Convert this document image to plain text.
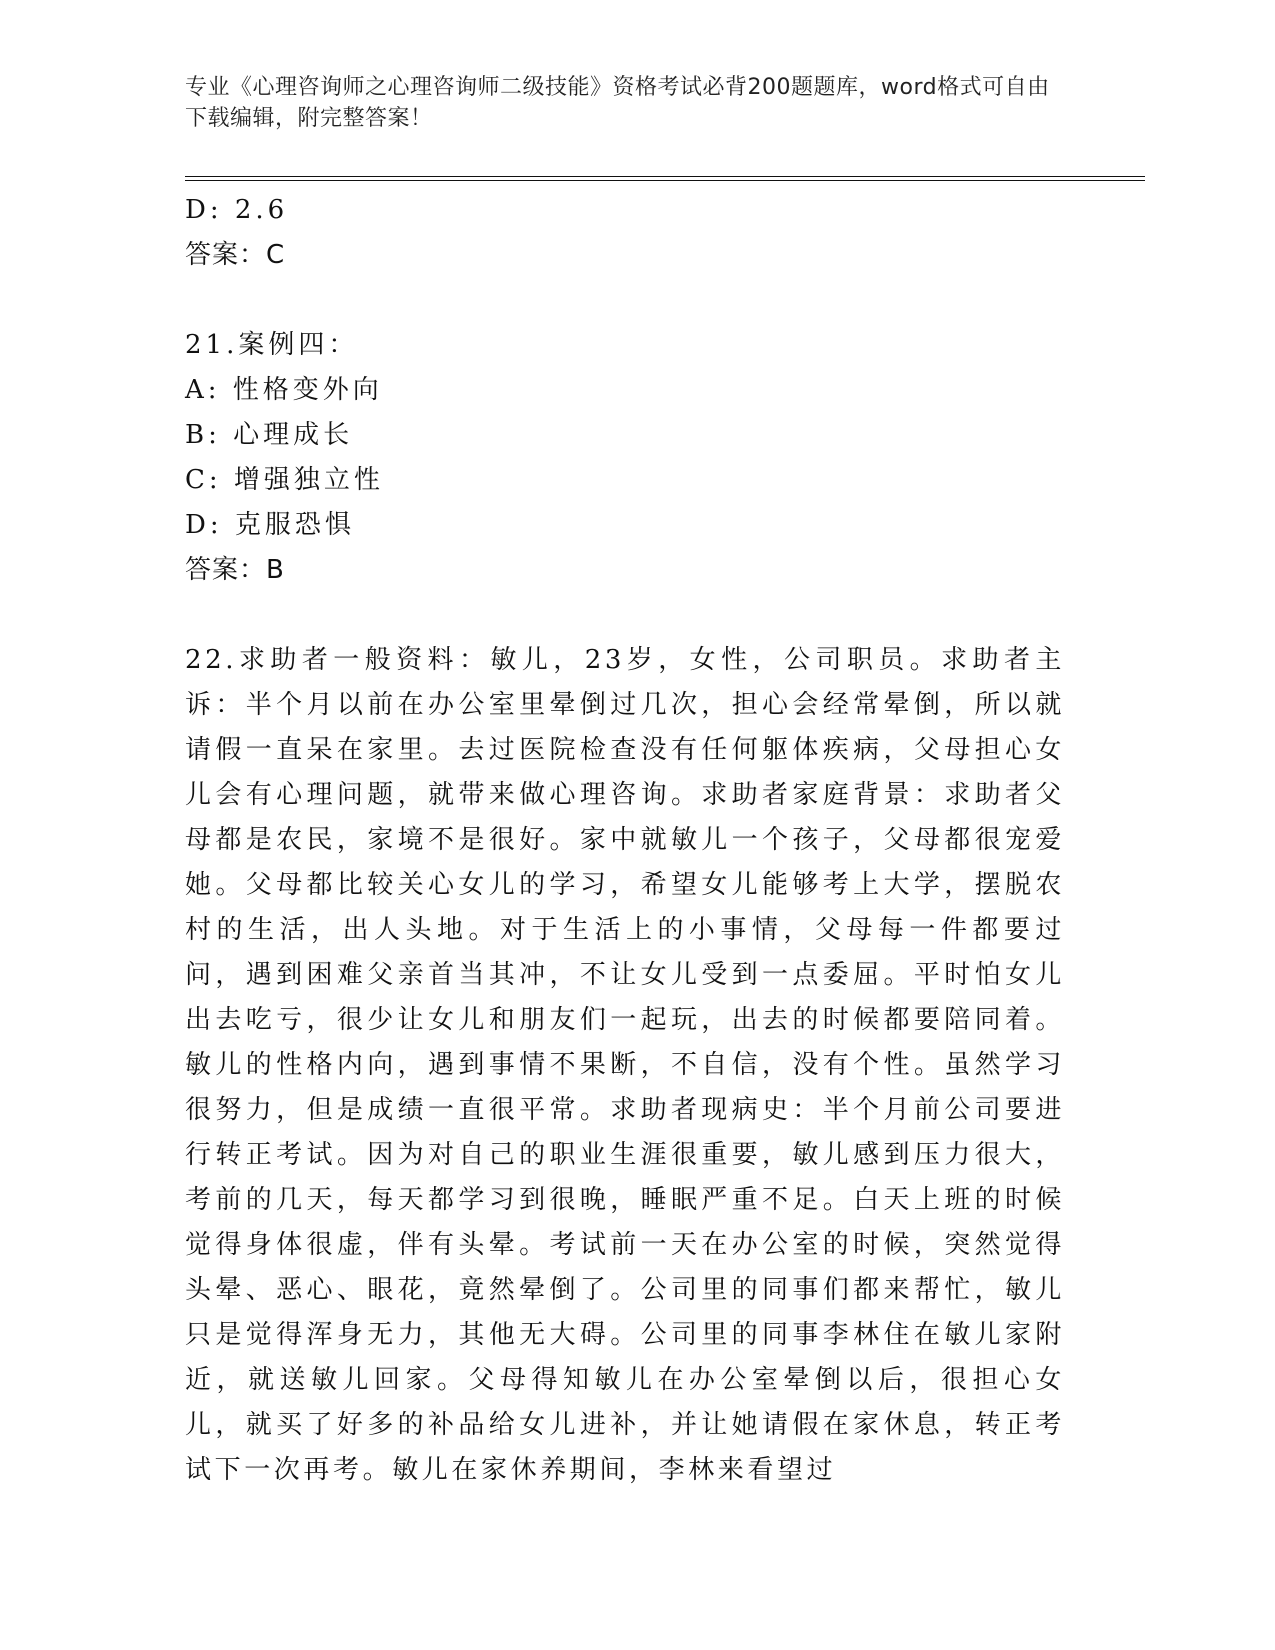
专业《心理咨询师之心理咨询师二级技能》资格考试必背200题题库，word格式可自由下载编辑，附完整答案！
D: 2.6
答案：C
21.案例四：
A: 性格变外向
B: 心理成长
C: 增强独立性
D: 克服恐惧
答案：B

22.求助者一般资料：敏儿，23岁，女性，公司职员。求助者主诉：半个月以前在办公室里晕倒过几次，担心会经常晕倒，所以就请假一直呆在家里。去过医院检查没有任何躯体疾病，父母担心女儿会有心理问题，就带来做心理咨询。求助者家庭背景：求助者父母都是农民，家境不是很好。家中就敏儿一个孩子，父母都很宠爱她。父母都比较关心女儿的学习，希望女儿能够考上大学，摆脱农村的生活，出人头地。对于生活上的小事情，父母每一件都要过问，遇到困难父亲首当其冲，不让女儿受到一点委屈。平时怕女儿出去吃亏，很少让女儿和朋友们一起玩，出去的时候都要陪同着。敏儿的性格内向，遇到事情不果断，不自信，没有个性。虽然学习很努力，但是成绩一直很平常。求助者现病史：半个月前公司要进行转正考试。因为对自己的职业生涯很重要，敏儿感到压力很大，考前的几天，每天都学习到很晚，睡眠严重不足。白天上班的时候觉得身体很虚，伴有头晕。考试前一天在办公室的时候，突然觉得头晕、恶心、眼花，竟然晕倒了。公司里的同事们都来帮忙，敏儿只是觉得浑身无力，其他无大碍。公司里的同事李林住在敏儿家附近，就送敏儿回家。父母得知敏儿在办公室晕倒以后，很担心女儿，就买了好多的补品给女儿进补，并让她请假在家休息，转正考试下一次再考。敏儿在家休养期间，李林来看望过
